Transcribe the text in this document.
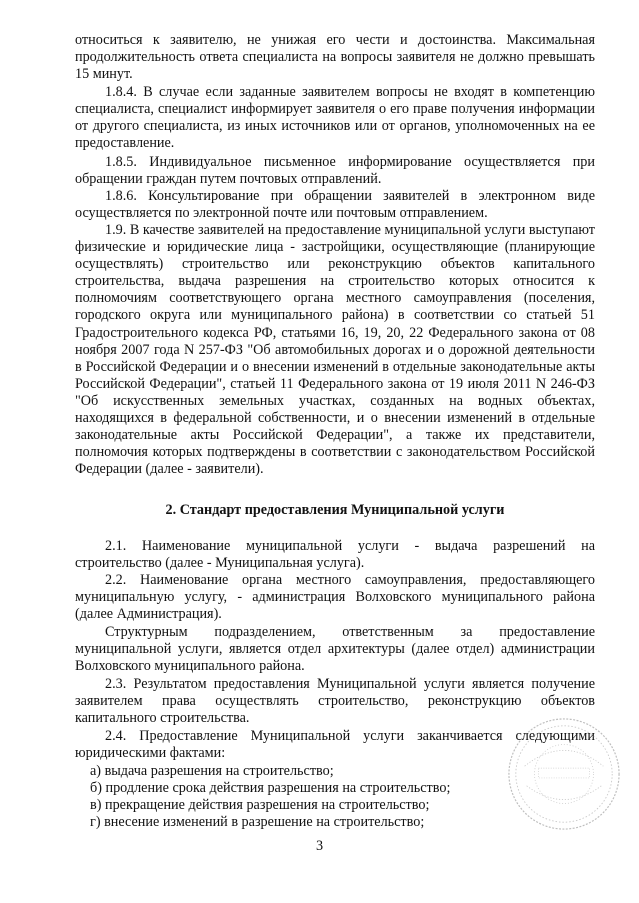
относиться к заявителю, не унижая его чести и достоинства. Максимальная продолжительность ответа специалиста на вопросы заявителя не должно превышать 15 минут.

1.8.4. В случае если заданные заявителем вопросы не входят в компетенцию специалиста, специалист информирует заявителя о его праве получения информации от другого специалиста, из иных источников или от органов, уполномоченных на ее предоставление.

1.8.5. Индивидуальное письменное информирование осуществляется при обращении граждан путем почтовых отправлений.

1.8.6. Консультирование при обращении заявителей в электронном виде осуществляется по электронной почте или почтовым отправлением.

1.9. В качестве заявителей на предоставление муниципальной услуги выступают физические и юридические лица - застройщики, осуществляющие (планирующие осуществлять) строительство или реконструкцию объектов капитального строительства, выдача разрешения на строительство которых относится к полномочиям соответствующего органа местного самоуправления (поселения, городского округа или муниципального района) в соответствии со статьей 51 Градостроительного кодекса РФ, статьями 16, 19, 20, 22 Федерального закона от 08 ноября 2007 года N 257-ФЗ "Об автомобильных дорогах и о дорожной деятельности в Российской Федерации и о внесении изменений в отдельные законодательные акты Российской Федерации", статьей 11 Федерального закона от 19 июля 2011 N 246-ФЗ "Об искусственных земельных участках, созданных на водных объектах, находящихся в федеральной собственности, и о внесении изменений в отдельные законодательные акты Российской Федерации", а также их представители, полномочия которых подтверждены в соответствии с законодательством Российской Федерации (далее - заявители).

2. Стандарт предоставления Муниципальной услуги

2.1. Наименование муниципальной услуги - выдача разрешений на строительство (далее - Муниципальная услуга).

2.2. Наименование органа местного самоуправления, предоставляющего муниципальную услугу, - администрация Волховского муниципального района (далее Администрация).

Структурным подразделением, ответственным за предоставление муниципальной услуги, является отдел архитектуры (далее отдел) администрации Волховского муниципального района.

2.3. Результатом предоставления Муниципальной услуги является получение заявителем права осуществлять строительство, реконструкцию объектов капитального строительства.

2.4. Предоставление Муниципальной услуги заканчивается следующими юридическими фактами:

а) выдача разрешения на строительство;

б) продление срока действия разрешения на строительство;

в) прекращение действия разрешения на строительство;

г) внесение изменений в разрешение на строительство;

3
